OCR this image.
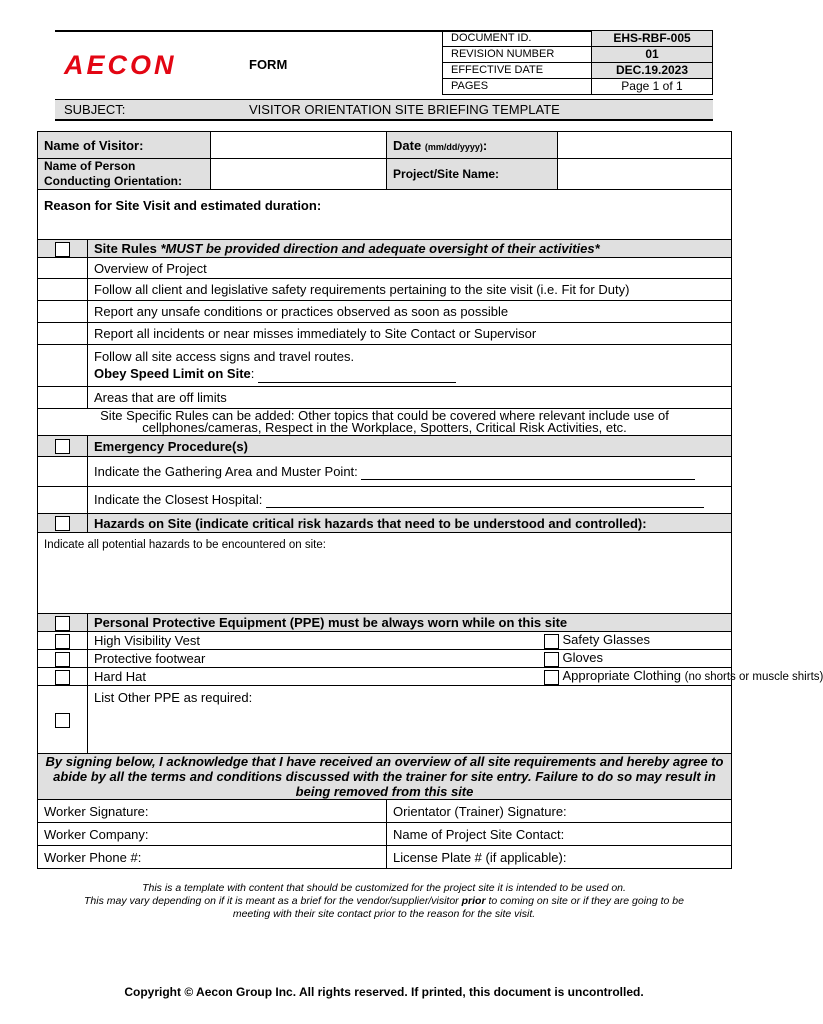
AECON	FORM
DOCUMENT ID.	EHS-RBF-005
REVISION NUMBER	01
EFFECTIVE DATE	DEC.19.2023
PAGES	Page 1 of 1
SUBJECT:	VISITOR ORIENTATION SITE BRIEFING TEMPLATE
Name of Visitor:			Date (mm/dd/yyyy):	
Name of Person
Conducting Orientation:			Project/Site Name:	
Reason for Site Visit and estimated duration:				
	Site Rules *MUST be provided direction and adequate oversight of their activities*			
	Overview of Project			
	Follow all client and legislative safety requirements pertaining to the site visit (i.e. Fit for Duty)			
	Report any unsafe conditions or practices observed as soon as possible			
	Report all incidents or near misses immediately to Site Contact or Supervisor			
	Follow all site access signs and travel routes.
Obey Speed Limit on Site:			
	Areas that are off limits			
Site Specific Rules can be added: Other topics that could be covered where relevant include use of cellphones/cameras, Respect in the Workplace, Spotters, Critical Risk Activities, etc.				
	Emergency Procedure(s)			
	Indicate the Gathering Area and Muster Point:			
	Indicate the Closest Hospital:			
	Hazards on Site (indicate critical risk hazards that need to be understood and controlled):			
Indicate all potential hazards to be encountered on site:				
	Personal Protective Equipment (PPE) must be always worn while on this site			
	High Visibility Vest		Safety Glasses	
	Protective footwear		Gloves	
	Hard Hat		Appropriate Clothing (no shorts or muscle shirts)	
	List Other PPE as required:			
By signing below, I acknowledge that I have received an overview of all site requirements and hereby agree to abide by all the terms and conditions discussed with the trainer for site entry. Failure to do so may result in being removed from this site				
Worker Signature:			Orientator (Trainer) Signature:	
Worker Company:			Name of Project Site Contact:	
Worker Phone #:			License Plate # (if applicable):	
This is a template with content that should be customized for the project site it is intended to be used on.
This may vary depending on if it is meant as a brief for the vendor/supplier/visitor prior to coming on site or if they are going to be
meeting with their site contact prior to the reason for the site visit.
Copyright © Aecon Group Inc. All rights reserved. If printed, this document is uncontrolled.
